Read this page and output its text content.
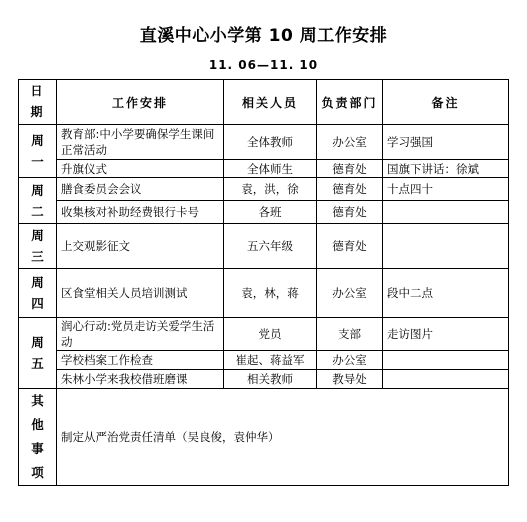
直溪中心小学第 10 周工作安排
11. 06—11. 10
日期	工作安排	相关人员	负责部门	备注
周一	教育部:中小学要确保学生课间正常活动	全体教师	办公室	学习强国
	升旗仪式	全体师生	德育处	国旗下讲话：徐斌
周二	膳食委员会会议	袁，洪，徐	德育处	十点四十
	收集核对补助经费银行卡号	各班	德育处	
周三	上交观影征文	五六年级	德育处	
周四	区食堂相关人员培训测试	袁，林，蒋	办公室	段中二点
周五	润心行动:党员走访关爱学生活动	党员	支部	走访图片
	学校档案工作检查	崔起、蒋益军	办公室	
	朱林小学来我校借班磨课	相关教师	教导处	
其他事项	制定从严治党责任清单（吴良俊，袁仲华）			
